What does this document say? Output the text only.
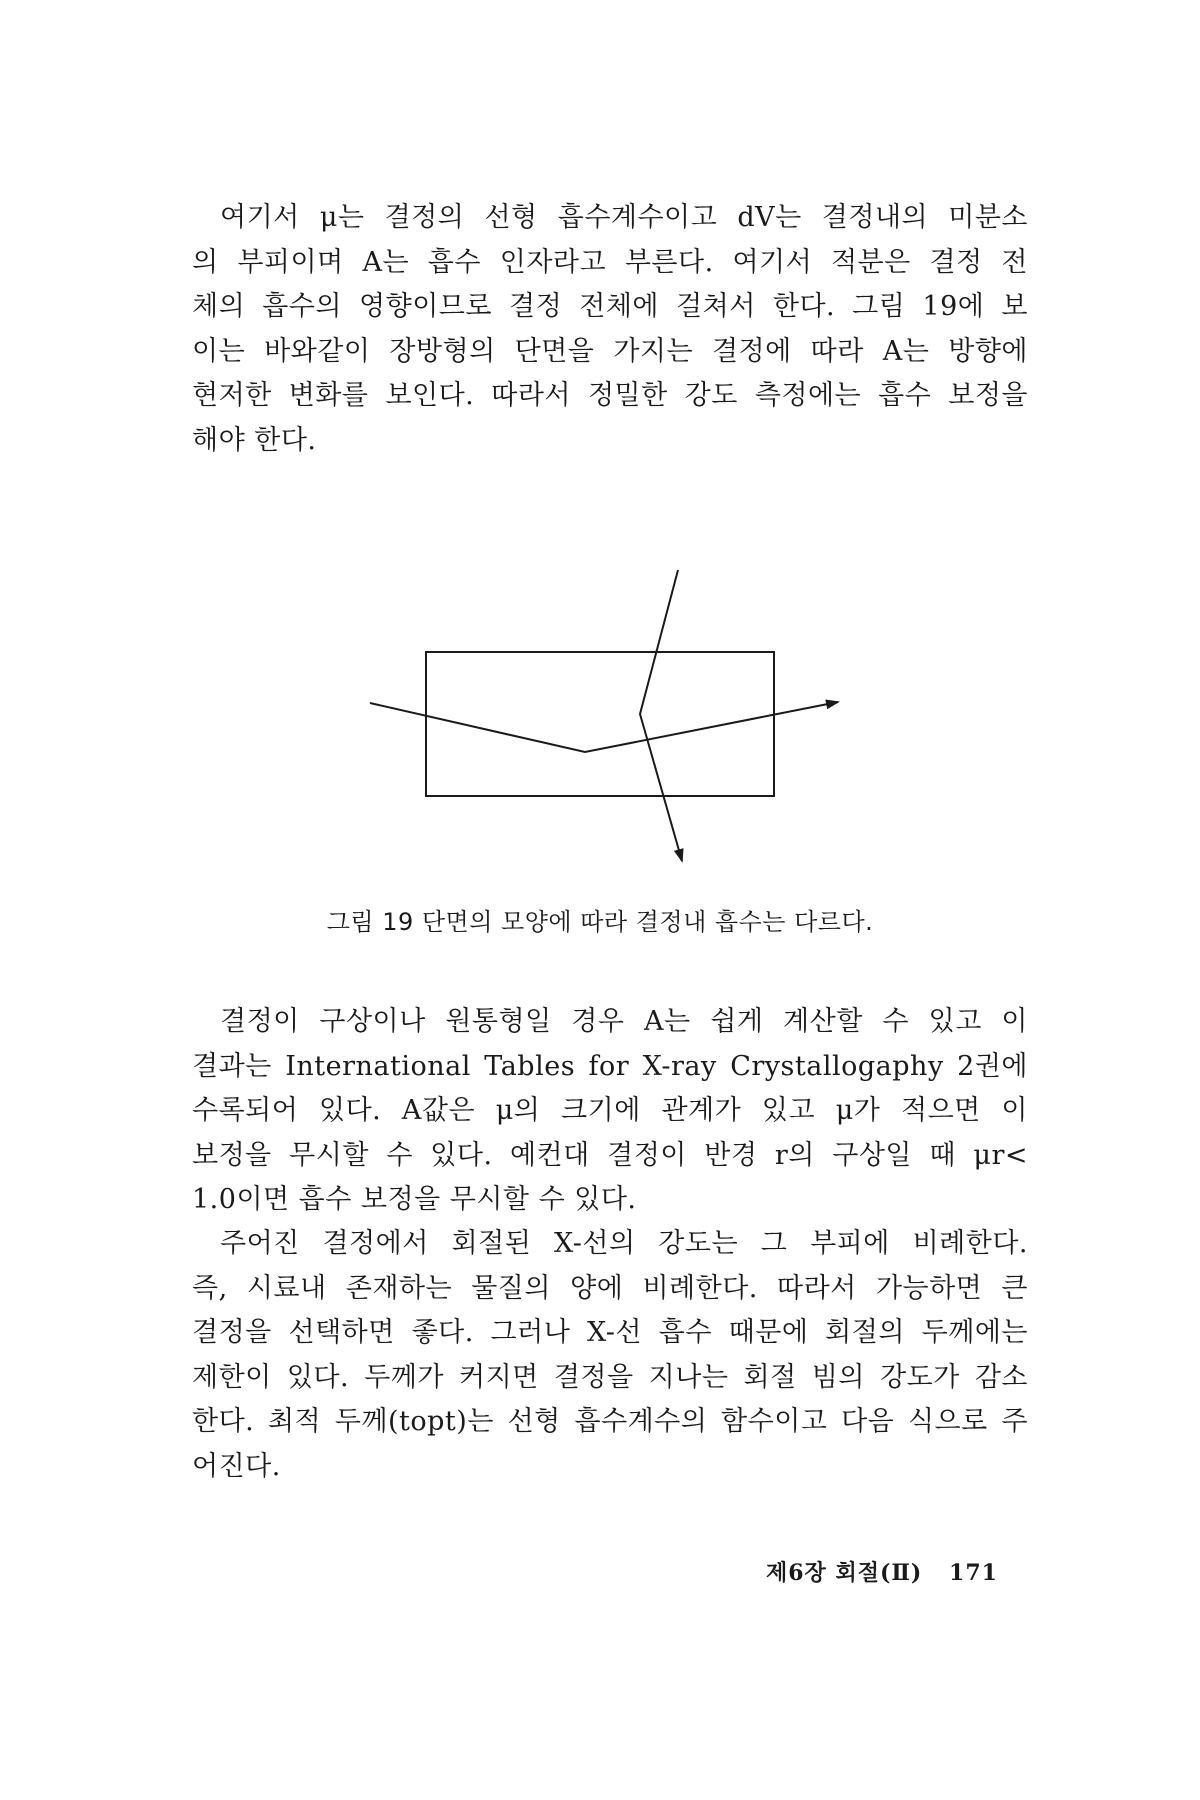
여기서 μ는 결정의 선형 흡수계수이고 dV는 결정내의 미분소
의 부피이며 A는 흡수 인자라고 부른다. 여기서 적분은 결정 전
체의 흡수의 영향이므로 결정 전체에 걸쳐서 한다. 그림 19에 보
이는 바와같이 장방형의 단면을 가지는 결정에 따라 A는 방향에
현저한 변화를 보인다. 따라서 정밀한 강도 측정에는 흡수 보정을
해야 한다.

그림 19 단면의 모양에 따라 결정내 흡수는 다르다.

결정이 구상이나 원통형일 경우 A는 쉽게 계산할 수 있고 이
결과는 International Tables for X-ray Crystallogaphy 2권에
수록되어 있다. A값은 μ의 크기에 관계가 있고 μ가 적으면 이
보정을 무시할 수 있다. 예컨대 결정이 반경 r의 구상일 때 μr<
1.0이면 흡수 보정을 무시할 수 있다.

주어진 결정에서 회절된 X-선의 강도는 그 부피에 비례한다.
즉, 시료내 존재하는 물질의 양에 비례한다. 따라서 가능하면 큰
결정을 선택하면 좋다. 그러나 X-선 흡수 때문에 회절의 두께에는
제한이 있다. 두께가 커지면 결정을 지나는 회절 빔의 강도가 감소
한다. 최적 두께(topt)는 선형 흡수계수의 함수이고 다음 식으로 주
어진다.

제6장 회절(Ⅱ) 171
